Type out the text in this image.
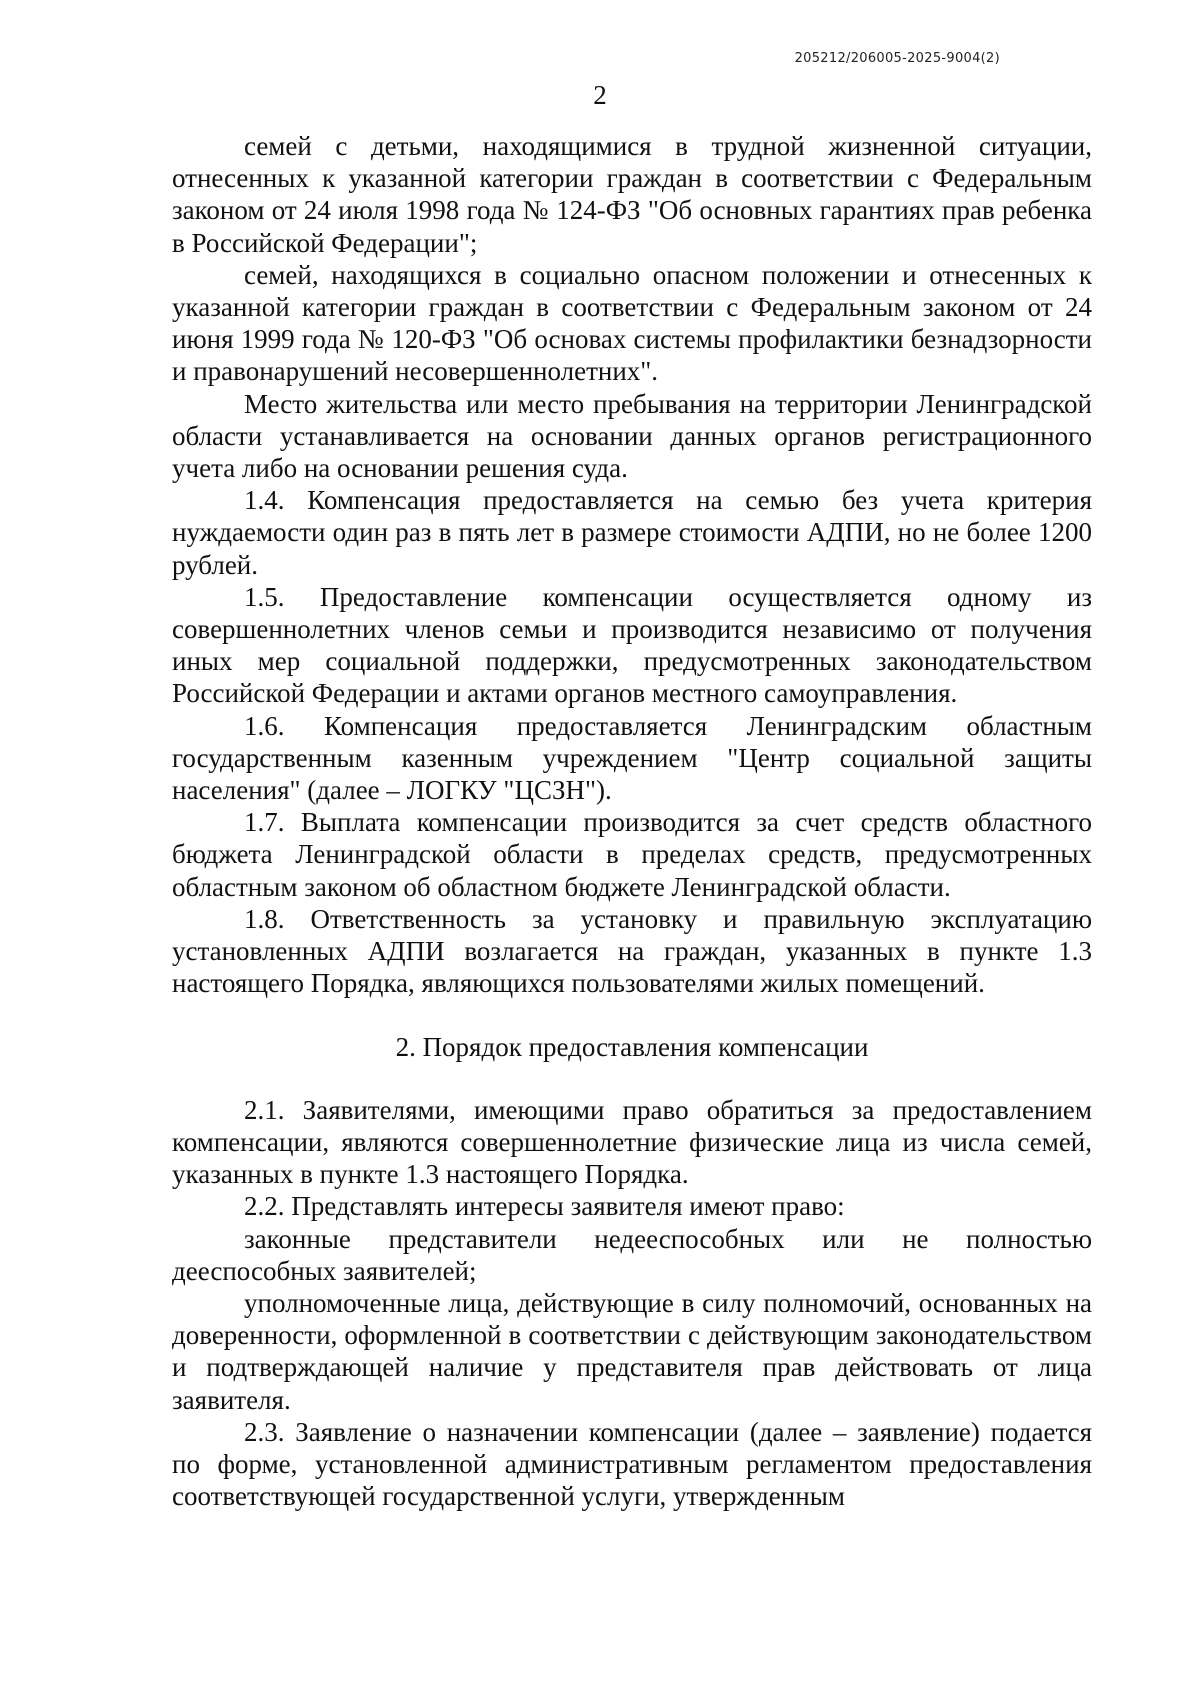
205212/206005-2025-9004(2)
2

семей с детьми, находящимися в трудной жизненной ситуации, отнесенных к указанной категории граждан в соответствии с Федеральным законом от 24 июля 1998 года № 124-ФЗ "Об основных гарантиях прав ребенка в Российской Федерации";

семей, находящихся в социально опасном положении и отнесенных к указанной категории граждан в соответствии с Федеральным законом от 24 июня 1999 года № 120-ФЗ "Об основах системы профилактики безнадзорности и правонарушений несовершеннолетних".

Место жительства или место пребывания на территории Ленинградской области устанавливается на основании данных органов регистрационного учета либо на основании решения суда.

1.4. Компенсация предоставляется на семью без учета критерия нуждаемости один раз в пять лет в размере стоимости АДПИ, но не более 1200 рублей.

1.5. Предоставление компенсации осуществляется одному из совершеннолетних членов семьи и производится независимо от получения иных мер социальной поддержки, предусмотренных законодательством Российской Федерации и актами органов местного самоуправления.

1.6. Компенсация предоставляется Ленинградским областным государственным казенным учреждением "Центр социальной защиты населения" (далее – ЛОГКУ "ЦСЗН").

1.7. Выплата компенсации производится за счет средств областного бюджета Ленинградской области в пределах средств, предусмотренных областным законом об областном бюджете Ленинградской области.

1.8. Ответственность за установку и правильную эксплуатацию установленных АДПИ возлагается на граждан, указанных в пункте 1.3 настоящего Порядка, являющихся пользователями жилых помещений.

2. Порядок предоставления компенсации

2.1. Заявителями, имеющими право обратиться за предоставлением компенсации, являются совершеннолетние физические лица из числа семей, указанных в пункте 1.3 настоящего Порядка.

2.2. Представлять интересы заявителя имеют право:

законные представители недееспособных или не полностью дееспособных заявителей;

уполномоченные лица, действующие в силу полномочий, основанных на доверенности, оформленной в соответствии с действующим законодательством и подтверждающей наличие у представителя прав действовать от лица заявителя.

2.3. Заявление о назначении компенсации (далее – заявление) подается по форме, установленной административным регламентом предоставления соответствующей государственной услуги, утвержденным
